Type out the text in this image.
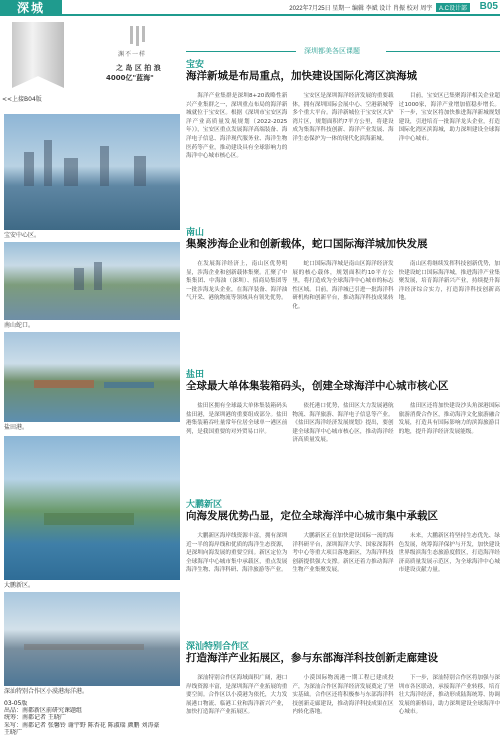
深城	2022年7月25日 星期一 编辑 李斌 设计 肖振 校对 周宇 A.C设计部	B05
渊不一样
之 岛 区 拍 浪
4000亿"蓝海"
<<上接B04版
宝安中心区。
南山蛇口。
盐田港。
大鹏新区。
深汕特别合作区小漠港海洋港。
03-05版
出品：南都新区前研究课题组
统筹：南都记者 王晓广
采写：南都记者 张馨铃 谢宇野 陈杏花 陈淑瑞 颜鹏 刘涛豪
王晓广
深圳都美各区课题
宝安
海洋新城是布局重点，加快建设国际化湾区滨海城

海洋产业集群是深圳8+20战略性新兴产业集群之一，深圳重点布局的海洋新城就位于宝安区。根据《深圳市宝安区海洋产业高质量发展规划（2022-2025年）》，宝安区重点发展海洋高端装备、海洋电子信息、海洋现代服务业、海洋生物医药等产业，推动建设具有全球影响力的海洋中心城市核心区。

宝安区是深圳海洋经济发展的重要载体，拥有深圳国际会展中心、空港新城等多个重大平台。海洋新城位于宝安区大铲湾片区，规划面积约7平方公里，将建设成为集海洋科技创新、海洋产业发展、海洋生态保护为一体的现代化滨海新城。

目前，宝安区已集聚海洋相关企业超过1000家，海洋产业增加值稳步增长。下一步，宝安区将加快推进海洋新城规划建设，引进培育一批海洋龙头企业，打造国际化湾区滨海城，助力深圳建设全球海洋中心城市。

南山
集聚涉海企业和创新载体，蛇口国际海洋城加快发展

在发展海洋经济上，南山区优势明显，涉海企业和创新载体集聚。汇聚了中集集团、中海油（深圳）、招商局集团等一批涉海龙头企业，在海洋装备、海洋油气开采、港航物流等领域具有领先优势。

蛇口国际海洋城是南山区海洋经济发展的核心载体，规划面积约10平方公里，将打造成为全球海洋中心城市的标志性区域。目前，海洋城已引进一批海洋科研机构和创新平台，推动海洋科技成果转化。

南山区将继续发挥科技创新优势，加快建设蛇口国际海洋城，推进海洋产业集聚发展，培育海洋新兴产业，持续提升海洋经济综合实力，打造海洋科技创新高地。

盐田
全球最大单体集装箱码头，创建全球海洋中心城市核心区

盐田区拥有全球最大单体集装箱码头盐田港，是深圳港的重要组成部分。盐田港集装箱吞吐量常年位居全球单一港区前列，是我国重要的对外贸易口岸。

依托港口优势，盐田区大力发展港航物流、海洋旅游、海洋电子信息等产业。《盐田区海洋经济发展规划》提出，要创建全球海洋中心城市核心区，推动海洋经济高质量发展。

盐田区还将加快建设沙头角深港国际旅游消费合作区，推动海洋文化旅游融合发展，打造具有国际影响力的滨海旅游目的地，提升海洋经济发展能级。

大鹏新区
向海发展优势凸显，定位全球海洋中心城市集中承载区

大鹏新区海岸线资源丰富，拥有深圳近一半的海岸线和优质的海洋生态资源，是深圳向海发展的重要空间。新区定位为全球海洋中心城市集中承载区，重点发展海洋生物、海洋科研、海洋旅游等产业。

大鹏新区正在加快建设国际一流的海洋科研平台，深圳海洋大学、国家深海科考中心等重大项目落地新区，为海洋科技创新提供强大支撑。新区还着力推动海洋生物产业集聚发展。

未来，大鹏新区将坚持生态优先、绿色发展，统筹海洋保护与开发，加快建设世界级滨海生态旅游度假区，打造海洋经济高质量发展示范区，为全球海洋中心城市建设贡献力量。

深汕特别合作区
打造海洋产业拓展区，参与东部海洋科技创新走廊建设

深汕特别合作区海域面积广阔，港口岸线资源丰富，是深圳海洋产业拓展的重要空间。合作区以小漠港为依托，大力发展港口物流、临港工业和海洋新兴产业，加快打造海洋产业拓展区。

小漠国际物流港一期工程已建成投产，为深汕合作区海洋经济发展奠定了坚实基础。合作区还将积极参与东部海洋科技创新走廊建设，推动海洋科技成果在区内转化落地。

下一步，深汕特别合作区将加强与深圳市各区联动，承接海洋产业转移，培育壮大海洋经济，推动形成陆海统筹、协调发展的新格局，助力深圳建设全球海洋中心城市。
